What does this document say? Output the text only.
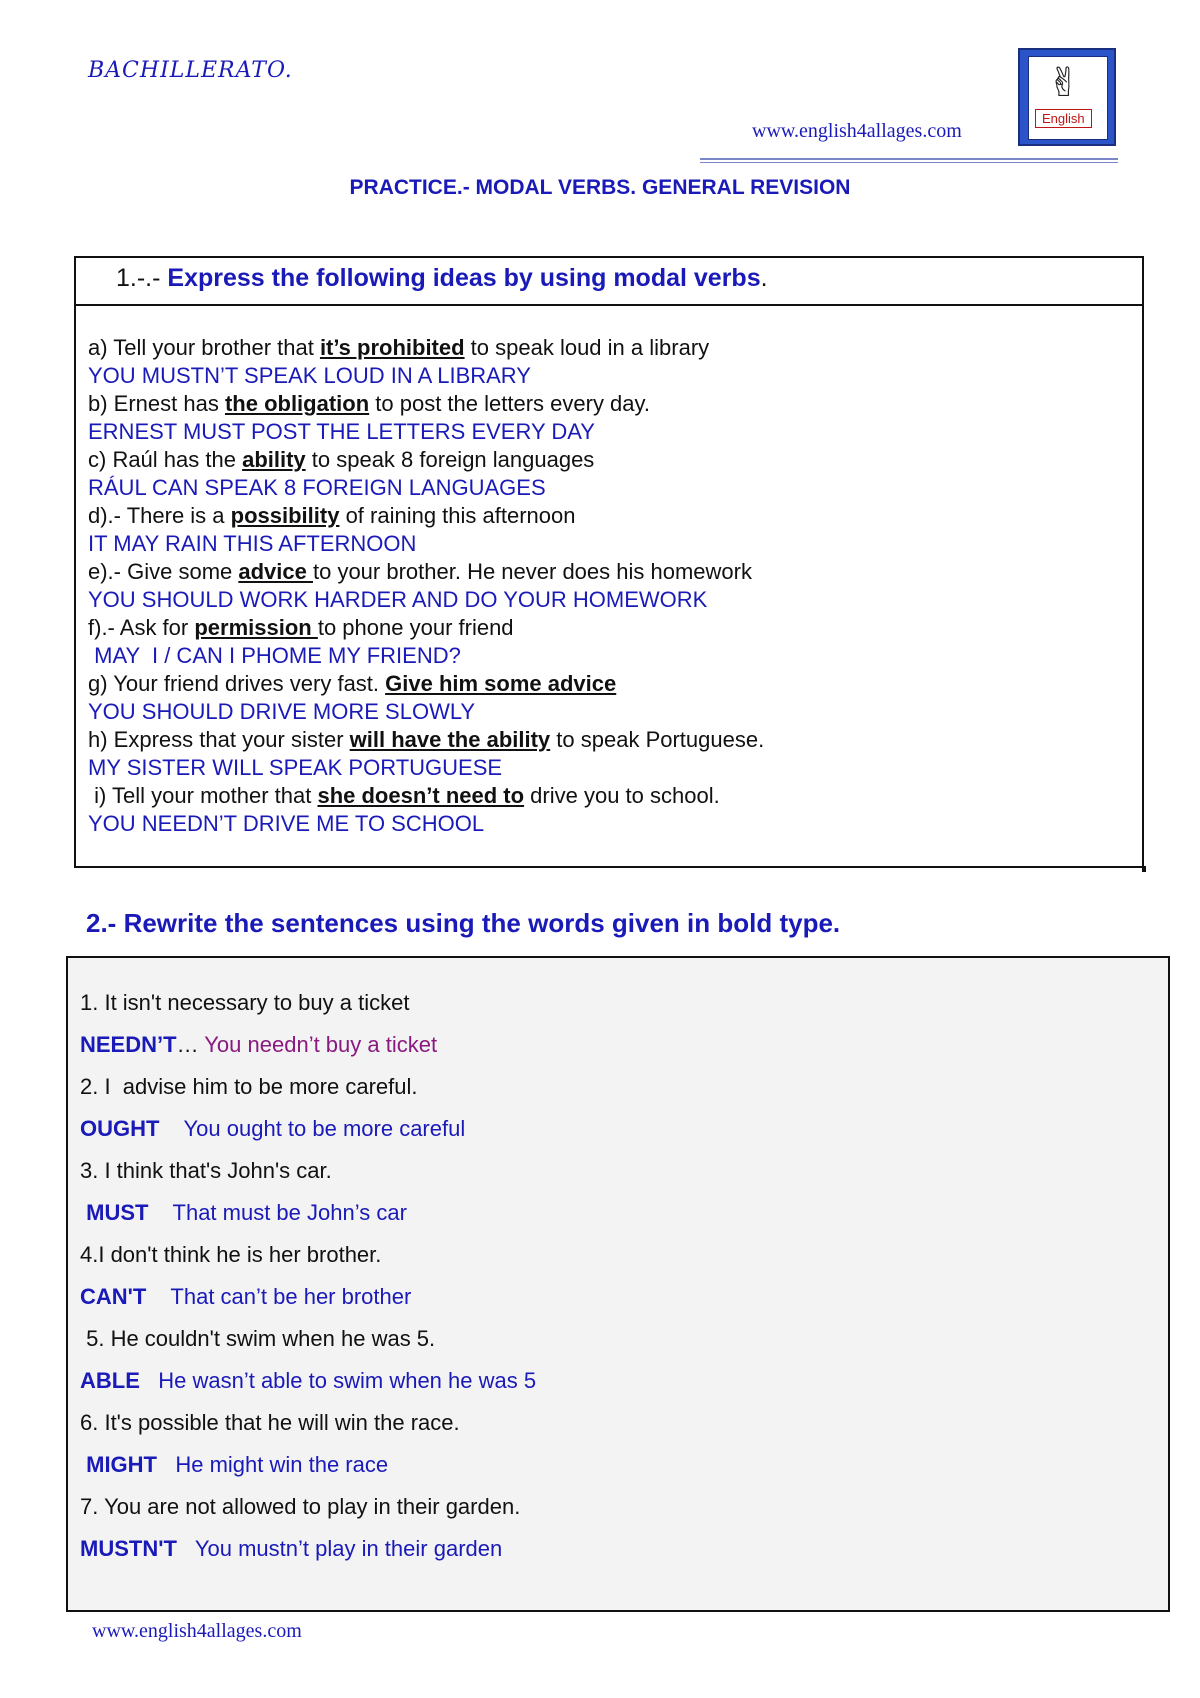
BACHILLERATO.
www.english4allages.com
✌
English
PRACTICE.- MODAL VERBS. GENERAL REVISION
1.-.- Express the following ideas by using modal verbs.
a) Tell your brother that it’s prohibited to speak loud in a library
YOU MUSTN’T SPEAK LOUD IN A LIBRARY
b) Ernest has the obligation to post the letters every day.
ERNEST MUST POST THE LETTERS EVERY DAY
c) Raúl has the ability to speak 8 foreign languages
RÁUL CAN SPEAK 8 FOREIGN LANGUAGES
d).- There is a possibility of raining this afternoon
IT MAY RAIN THIS AFTERNOON
e).- Give some advice to your brother. He never does his homework
YOU SHOULD WORK HARDER AND DO YOUR HOMEWORK
f).- Ask for permission to phone your friend
MAY  I / CAN I PHOME MY FRIEND?
g) Your friend drives very fast. Give him some advice
YOU SHOULD DRIVE MORE SLOWLY
h) Express that your sister will have the ability to speak Portuguese.
MY SISTER WILL SPEAK PORTUGUESE
i) Tell your mother that she doesn’t need to drive you to school.
YOU NEEDN’T DRIVE ME TO SCHOOL
2.- Rewrite the sentences using the words given in bold type.
1. It isn't necessary to buy a ticket
NEEDN’T… You needn’t buy a ticket
2. I  advise him to be more careful.
OUGHT You ought to be more careful
3. I think that's John's car.
MUST That must be John’s car
4.I don't think he is her brother.
CAN'T That can’t be her brother
5. He couldn't swim when he was 5.
ABLE He wasn’t able to swim when he was 5
6. It's possible that he will win the race.
MIGHT He might win the race
7. You are not allowed to play in their garden.
MUSTN'T You mustn’t play in their garden
www.english4allages.com
